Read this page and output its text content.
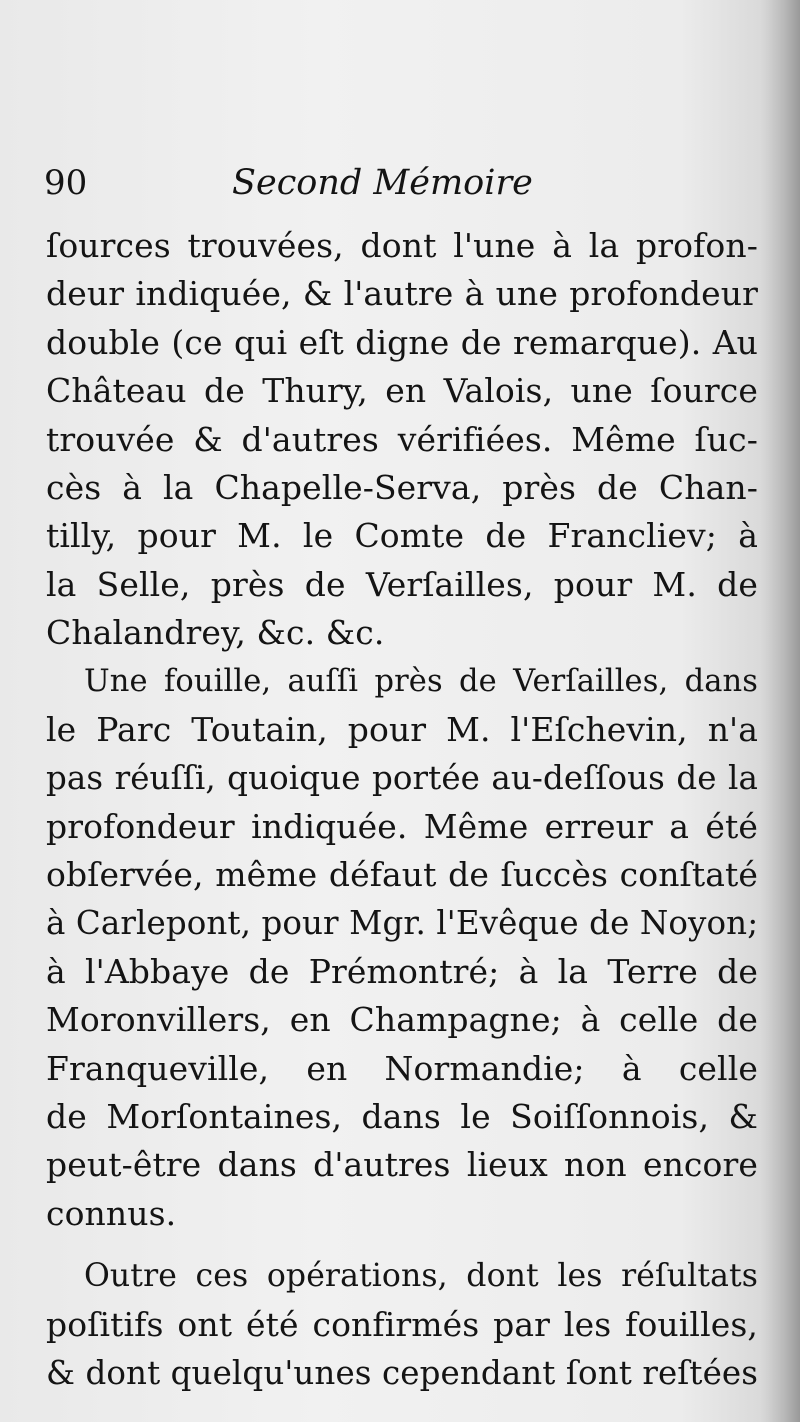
90	Second Mémoire
ſources trouvées, dont l'une à la profon-
deur indiquée, & l'autre à une profondeur
double (ce qui eſt digne de remarque). Au
Château de Thury, en Valois, une ſource
trouvée & d'autres vérifiées. Même ſuc-
cès à la Chapelle-Serva, près de Chan-
tilly, pour M. le Comte de Francliev; à
la Selle, près de Verſailles, pour M. de
Chalandrey, &c. &c.
Une fouille, auſſi près de Verſailles, dans
le Parc Toutain, pour M. l'Eſchevin, n'a
pas réuſſi, quoique portée au-deſſous de la
profondeur indiquée. Même erreur a été
obſervée, même défaut de ſuccès conſtaté
à Carlepont, pour Mgr. l'Evêque de Noyon;
à l'Abbaye de Prémontré; à la Terre de
Moronvillers, en Champagne; à celle de
Franqueville, en Normandie; à celle
de Morſontaines, dans le Soiſſonnois, &
peut-être dans d'autres lieux non encore
connus.
Outre ces opérations, dont les réſultats
poſitifs ont été confirmés par les fouilles,
& dont quelqu'unes cependant ſont reſtées
